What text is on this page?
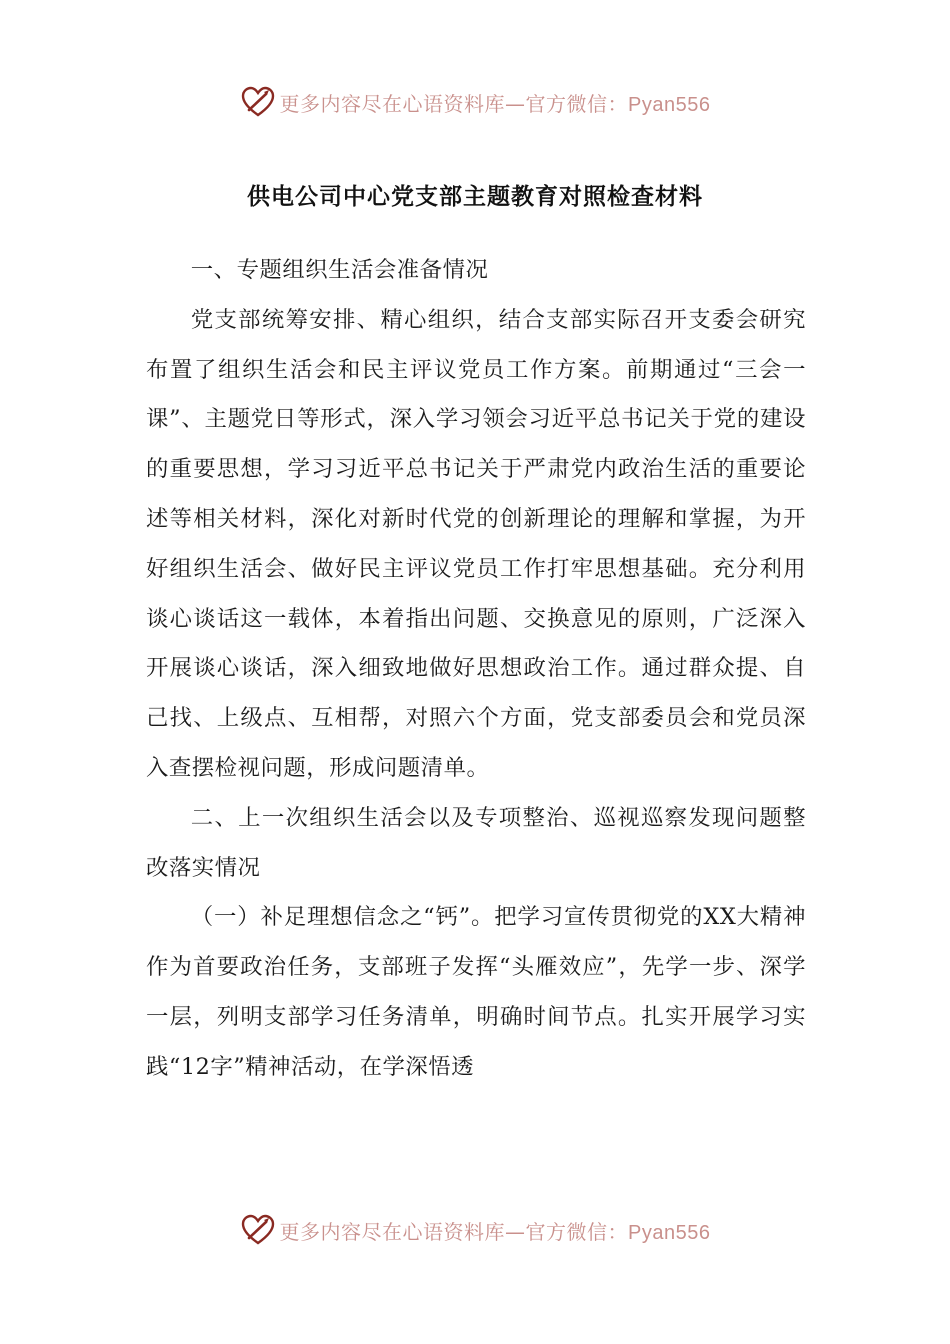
更多内容尽在心语资料库—官方微信：Pyan556
供电公司中心党支部主题教育对照检查材料

一、专题组织生活会准备情况

党支部统筹安排、精心组织，结合支部实际召开支委会研究布置了组织生活会和民主评议党员工作方案。前期通过“三会一课”、主题党日等形式，深入学习领会习近平总书记关于党的建设的重要思想，学习习近平总书记关于严肃党内政治生活的重要论述等相关材料，深化对新时代党的创新理论的理解和掌握，为开好组织生活会、做好民主评议党员工作打牢思想基础。充分利用谈心谈话这一载体，本着指出问题、交换意见的原则，广泛深入开展谈心谈话，深入细致地做好思想政治工作。通过群众提、自己找、上级点、互相帮，对照六个方面，党支部委员会和党员深入查摆检视问题，形成问题清单。

二、上一次组织生活会以及专项整治、巡视巡察发现问题整改落实情况

（一）补足理想信念之“钙”。把学习宣传贯彻党的XX大精神作为首要政治任务，支部班子发挥“头雁效应”，先学一步、深学一层，列明支部学习任务清单，明确时间节点。扎实开展学习实践“12字”精神活动，在学深悟透

更多内容尽在心语资料库—官方微信：Pyan556
